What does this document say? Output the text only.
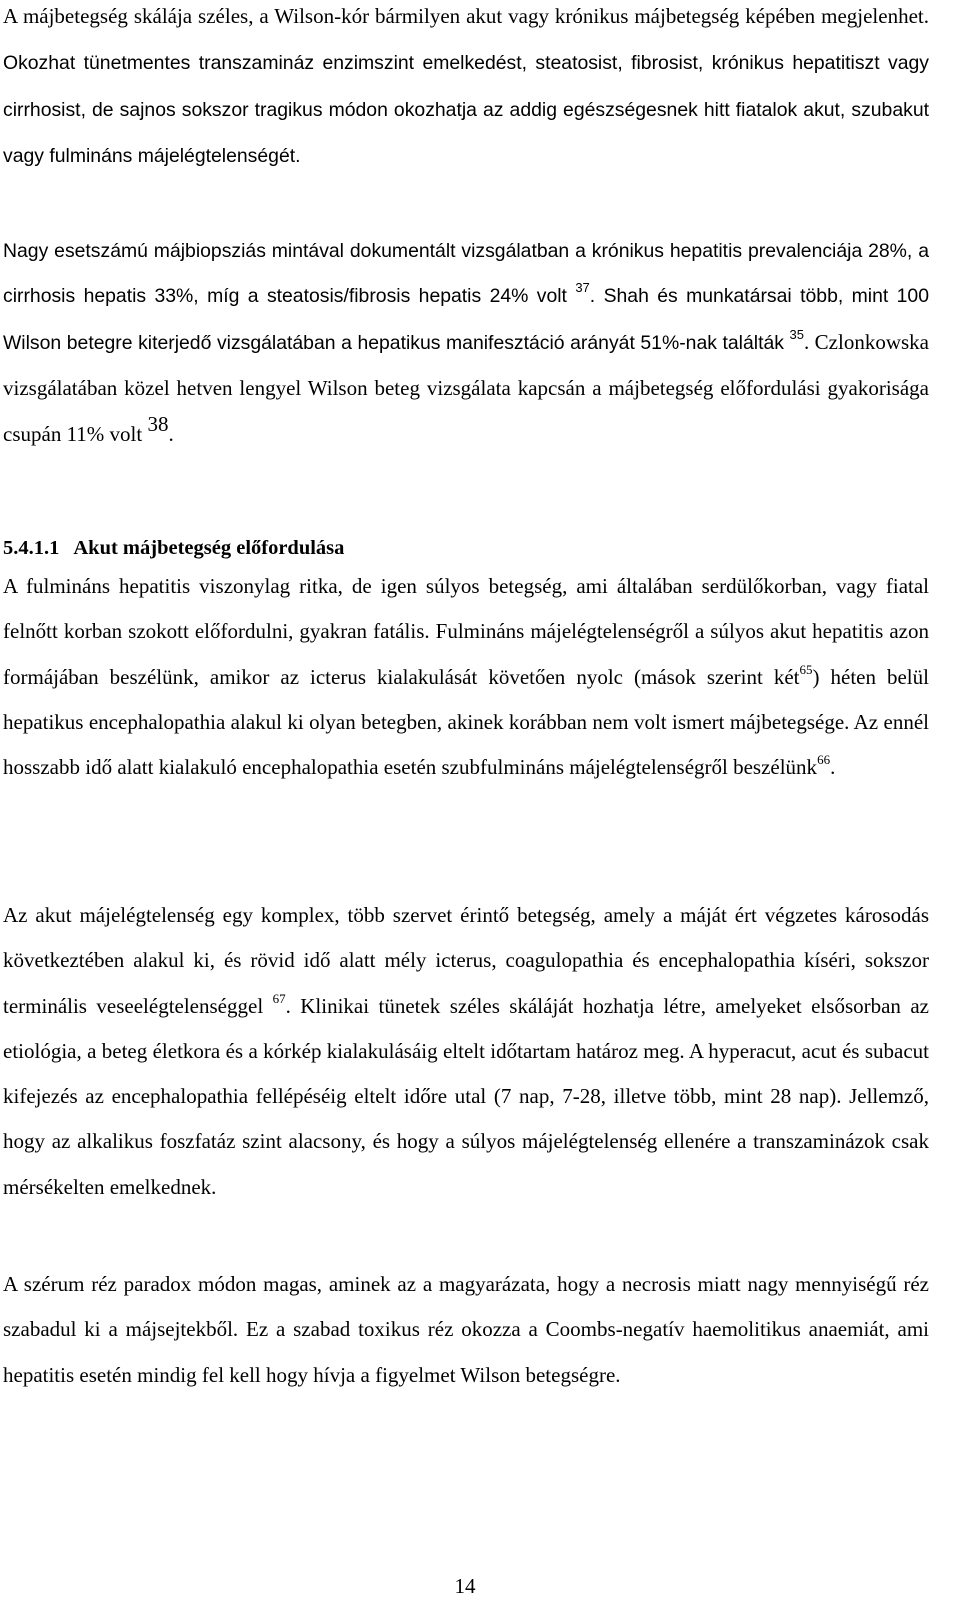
A májbetegség skálája széles, a Wilson-kór bármilyen akut vagy krónikus májbetegség képében megjelenhet. Okozhat tünetmentes transzamináz enzimszint emelkedést, steatosist, fibrosist, krónikus hepatitiszt vagy cirrhosist, de sajnos sokszor tragikus módon okozhatja az addig egészségesnek hitt fiatalok akut, szubakut vagy fulmináns májelégtelenségét.

Nagy esetszámú májbiopsziás mintával dokumentált vizsgálatban a krónikus hepatitis prevalenciája 28%, a cirrhosis hepatis 33%, míg a steatosis/fibrosis hepatis 24% volt $^{37}$. Shah és munkatársai több, mint 100 Wilson betegre kiterjedő vizsgálatában a hepatikus manifesztáció arányát 51%-nak találták $^{35}$. Czlonkowska vizsgálatában közel hetven lengyel Wilson beteg vizsgálata kapcsán a májbetegség előfordulási gyakorisága csupán 11% volt $^{38}$.

5.4.1.1 Akut májbetegség előfordulása

A fulmináns hepatitis viszonylag ritka, de igen súlyos betegség, ami általában serdülőkorban, vagy fiatal felnőtt korban szokott előfordulni, gyakran fatális. Fulmináns májelégtelenségről a súlyos akut hepatitis azon formájában beszélünk, amikor az icterus kialakulását követően nyolc (mások szerint két$^{65}$) héten belül hepatikus encephalopathia alakul ki olyan betegben, akinek korábban nem volt ismert májbetegsége. Az ennél hosszabb idő alatt kialakuló encephalopathia esetén szubfulmináns májelégtelenségről beszélünk$^{66}$.

Az akut májelégtelenség egy komplex, több szervet érintő betegség, amely a máját ért végzetes károsodás következtében alakul ki, és rövid idő alatt mély icterus, coagulopathia és encephalopathia kíséri, sokszor terminális veseelégtelenséggel $^{67}$. Klinikai tünetek széles skáláját hozhatja létre, amelyeket elsősorban az etiológia, a beteg életkora és a kórkép kialakulásáig eltelt időtartam határoz meg. A hyperacut, acut és subacut kifejezés az encephalopathia fellépéséig eltelt időre utal (7 nap, 7-28, illetve több, mint 28 nap). Jellemző, hogy az alkalikus foszfatáz szint alacsony, és hogy a súlyos májelégtelenség ellenére a transzaminázok csak mérsékelten emelkednek.

A szérum réz paradox módon magas, aminek az a magyarázata, hogy a necrosis miatt nagy mennyiségű réz szabadul ki a májsejtekből. Ez a szabad toxikus réz okozza a Coombs-negatív haemolitikus anaemiát, ami hepatitis esetén mindig fel kell hogy hívja a figyelmet Wilson betegségre.

14
